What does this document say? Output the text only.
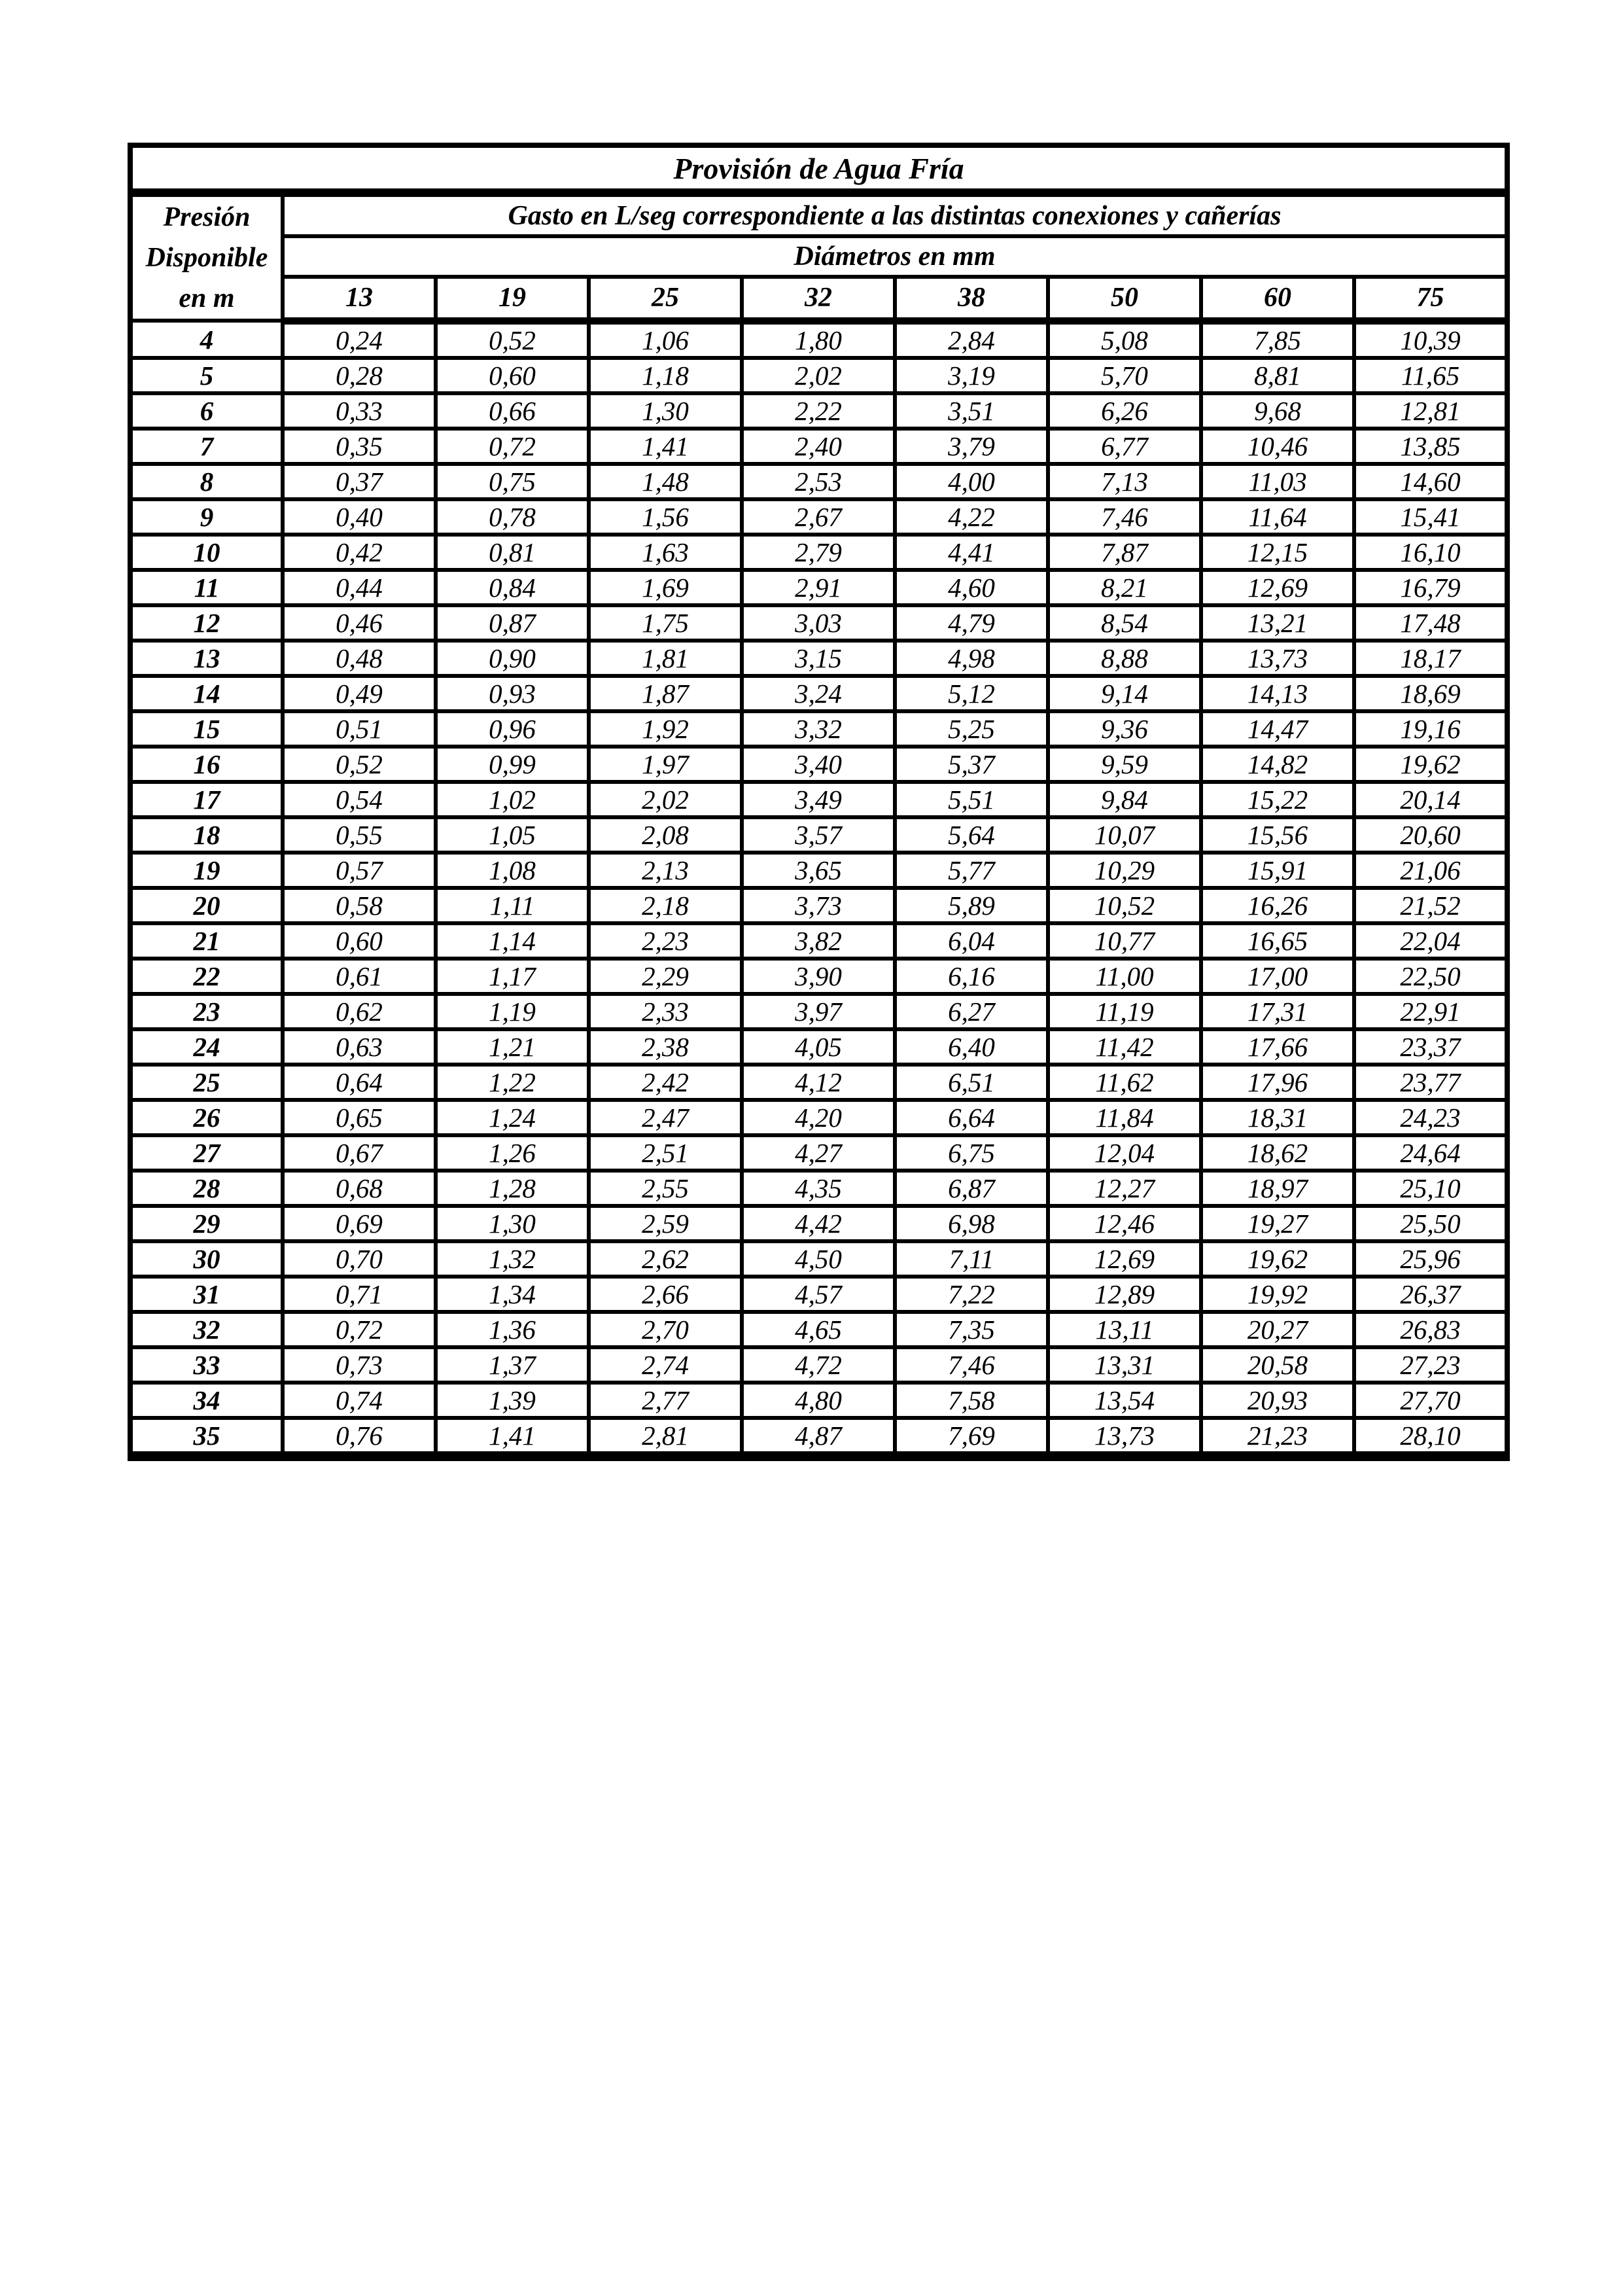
Provisión de Agua Fría								

Presión
Disponible
en m	Gasto en L/seg correspondiente a las distintas conexiones y cañerías							
	Diámetros en mm							
	13	19	25	32	38	50	60	75
4	0,24	0,52	1,06	1,80	2,84	5,08	7,85	10,39
5	0,28	0,60	1,18	2,02	3,19	5,70	8,81	11,65
6	0,33	0,66	1,30	2,22	3,51	6,26	9,68	12,81
7	0,35	0,72	1,41	2,40	3,79	6,77	10,46	13,85
8	0,37	0,75	1,48	2,53	4,00	7,13	11,03	14,60
9	0,40	0,78	1,56	2,67	4,22	7,46	11,64	15,41
10	0,42	0,81	1,63	2,79	4,41	7,87	12,15	16,10
11	0,44	0,84	1,69	2,91	4,60	8,21	12,69	16,79
12	0,46	0,87	1,75	3,03	4,79	8,54	13,21	17,48
13	0,48	0,90	1,81	3,15	4,98	8,88	13,73	18,17
14	0,49	0,93	1,87	3,24	5,12	9,14	14,13	18,69
15	0,51	0,96	1,92	3,32	5,25	9,36	14,47	19,16
16	0,52	0,99	1,97	3,40	5,37	9,59	14,82	19,62
17	0,54	1,02	2,02	3,49	5,51	9,84	15,22	20,14
18	0,55	1,05	2,08	3,57	5,64	10,07	15,56	20,60
19	0,57	1,08	2,13	3,65	5,77	10,29	15,91	21,06
20	0,58	1,11	2,18	3,73	5,89	10,52	16,26	21,52
21	0,60	1,14	2,23	3,82	6,04	10,77	16,65	22,04
22	0,61	1,17	2,29	3,90	6,16	11,00	17,00	22,50
23	0,62	1,19	2,33	3,97	6,27	11,19	17,31	22,91
24	0,63	1,21	2,38	4,05	6,40	11,42	17,66	23,37
25	0,64	1,22	2,42	4,12	6,51	11,62	17,96	23,77
26	0,65	1,24	2,47	4,20	6,64	11,84	18,31	24,23
27	0,67	1,26	2,51	4,27	6,75	12,04	18,62	24,64
28	0,68	1,28	2,55	4,35	6,87	12,27	18,97	25,10
29	0,69	1,30	2,59	4,42	6,98	12,46	19,27	25,50
30	0,70	1,32	2,62	4,50	7,11	12,69	19,62	25,96
31	0,71	1,34	2,66	4,57	7,22	12,89	19,92	26,37
32	0,72	1,36	2,70	4,65	7,35	13,11	20,27	26,83
33	0,73	1,37	2,74	4,72	7,46	13,31	20,58	27,23
34	0,74	1,39	2,77	4,80	7,58	13,54	20,93	27,70
35	0,76	1,41	2,81	4,87	7,69	13,73	21,23	28,10
